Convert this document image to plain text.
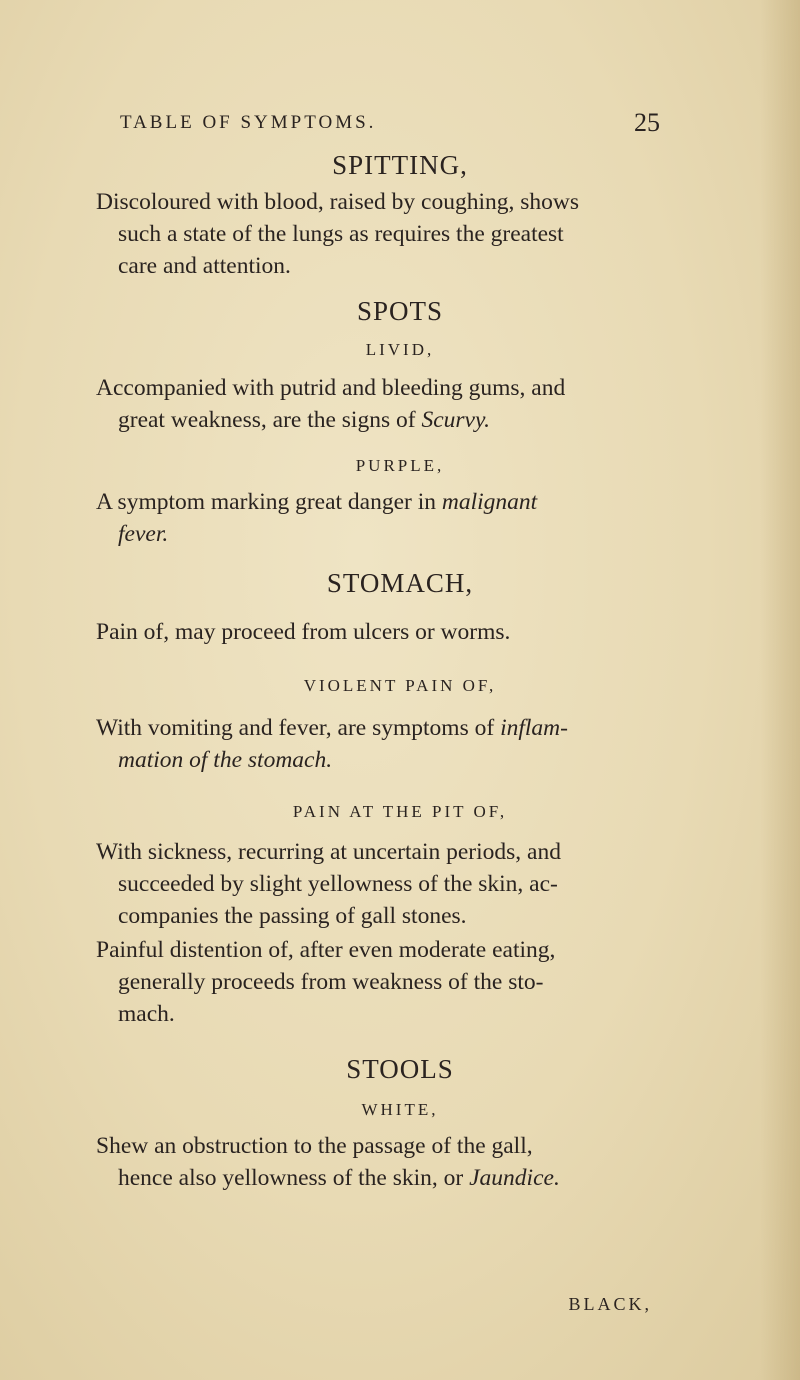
TABLE OF SYMPTOMS.	25
SPITTING,
Discoloured with blood, raised by coughing, shows
such a state of the lungs as requires the greatest
care and attention.
SPOTS
LIVID,
Accompanied with putrid and bleeding gums, and
great weakness, are the signs of Scurvy.
PURPLE,
A symptom marking great danger in malignant
fever.
STOMACH,
Pain of, may proceed from ulcers or worms.
VIOLENT PAIN OF,
With vomiting and fever, are symptoms of inflam-
mation of the stomach.
PAIN AT THE PIT OF,
With sickness, recurring at uncertain periods, and
succeeded by slight yellowness of the skin, ac-
companies the passing of gall stones.
Painful distention of, after even moderate eating,
generally proceeds from weakness of the sto-
mach.
STOOLS
WHITE,
Shew an obstruction to the passage of the gall,
hence also yellowness of the skin, or Jaundice.
BLACK,
